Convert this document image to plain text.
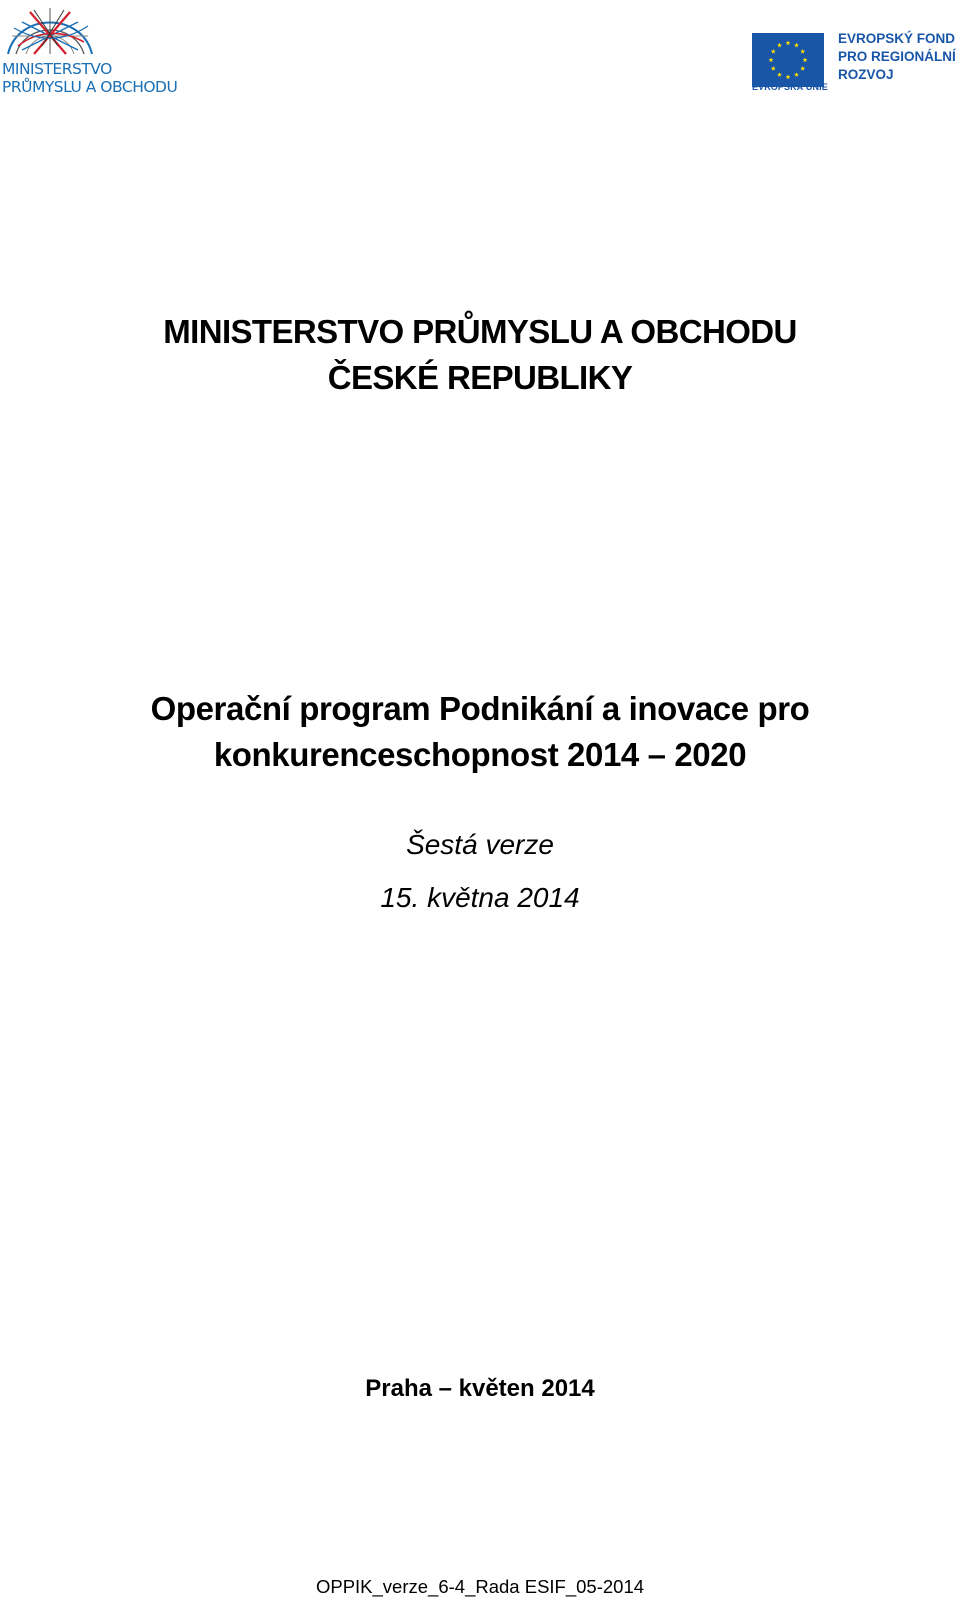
MINISTERSTVO
PRŮMYSLU A OBCHODU	EVROPSKÁ UNIE
EVROPSKÝ FOND
PRO REGIONÁLNÍ
ROZVOJ
MINISTERSTVO PRŮMYSLU A OBCHODU
ČESKÉ REPUBLIKY
Operační program Podnikání a inovace pro
konkurenceschopnost 2014 – 2020
Šestá verze
15. května 2014
Praha – květen 2014
OPPIK_verze_6-4_Rada ESIF_05-2014
